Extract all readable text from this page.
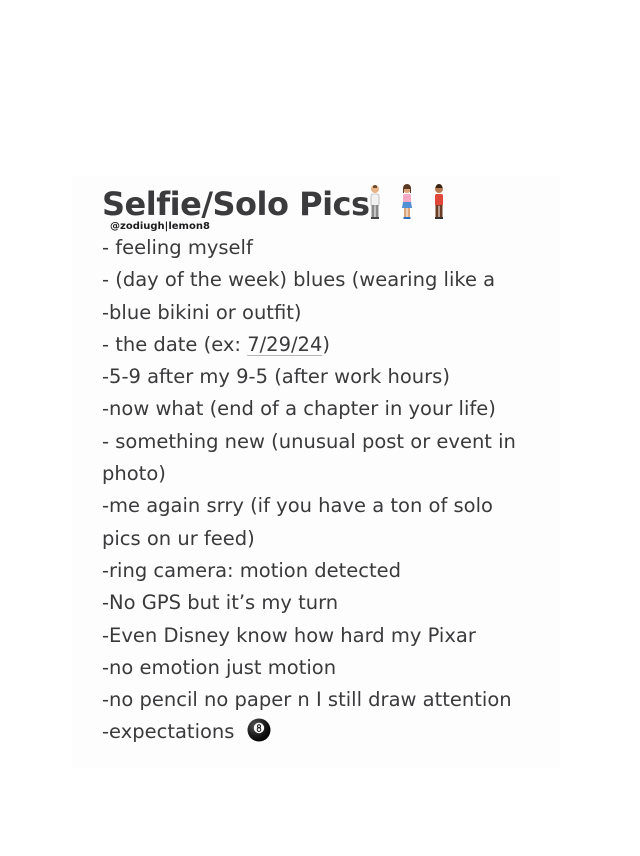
Selfie/Solo Pics
@zodiugh|lemon8
- feeling myself
- (day of the week) blues (wearing like a
-blue bikini or outfit)
- the date (ex: 7/29/24)
-5-9 after my 9-5 (after work hours)
-now what (end of a chapter in your life)
- something new (unusual post or event in
photo)
-me again srry (if you have a ton of solo
pics on ur feed)
-ring camera: motion detected
-No GPS but it’s my turn
-Even Disney know how hard my Pixar
-no emotion just motion
-no pencil no paper n I still draw attention
-expectations
